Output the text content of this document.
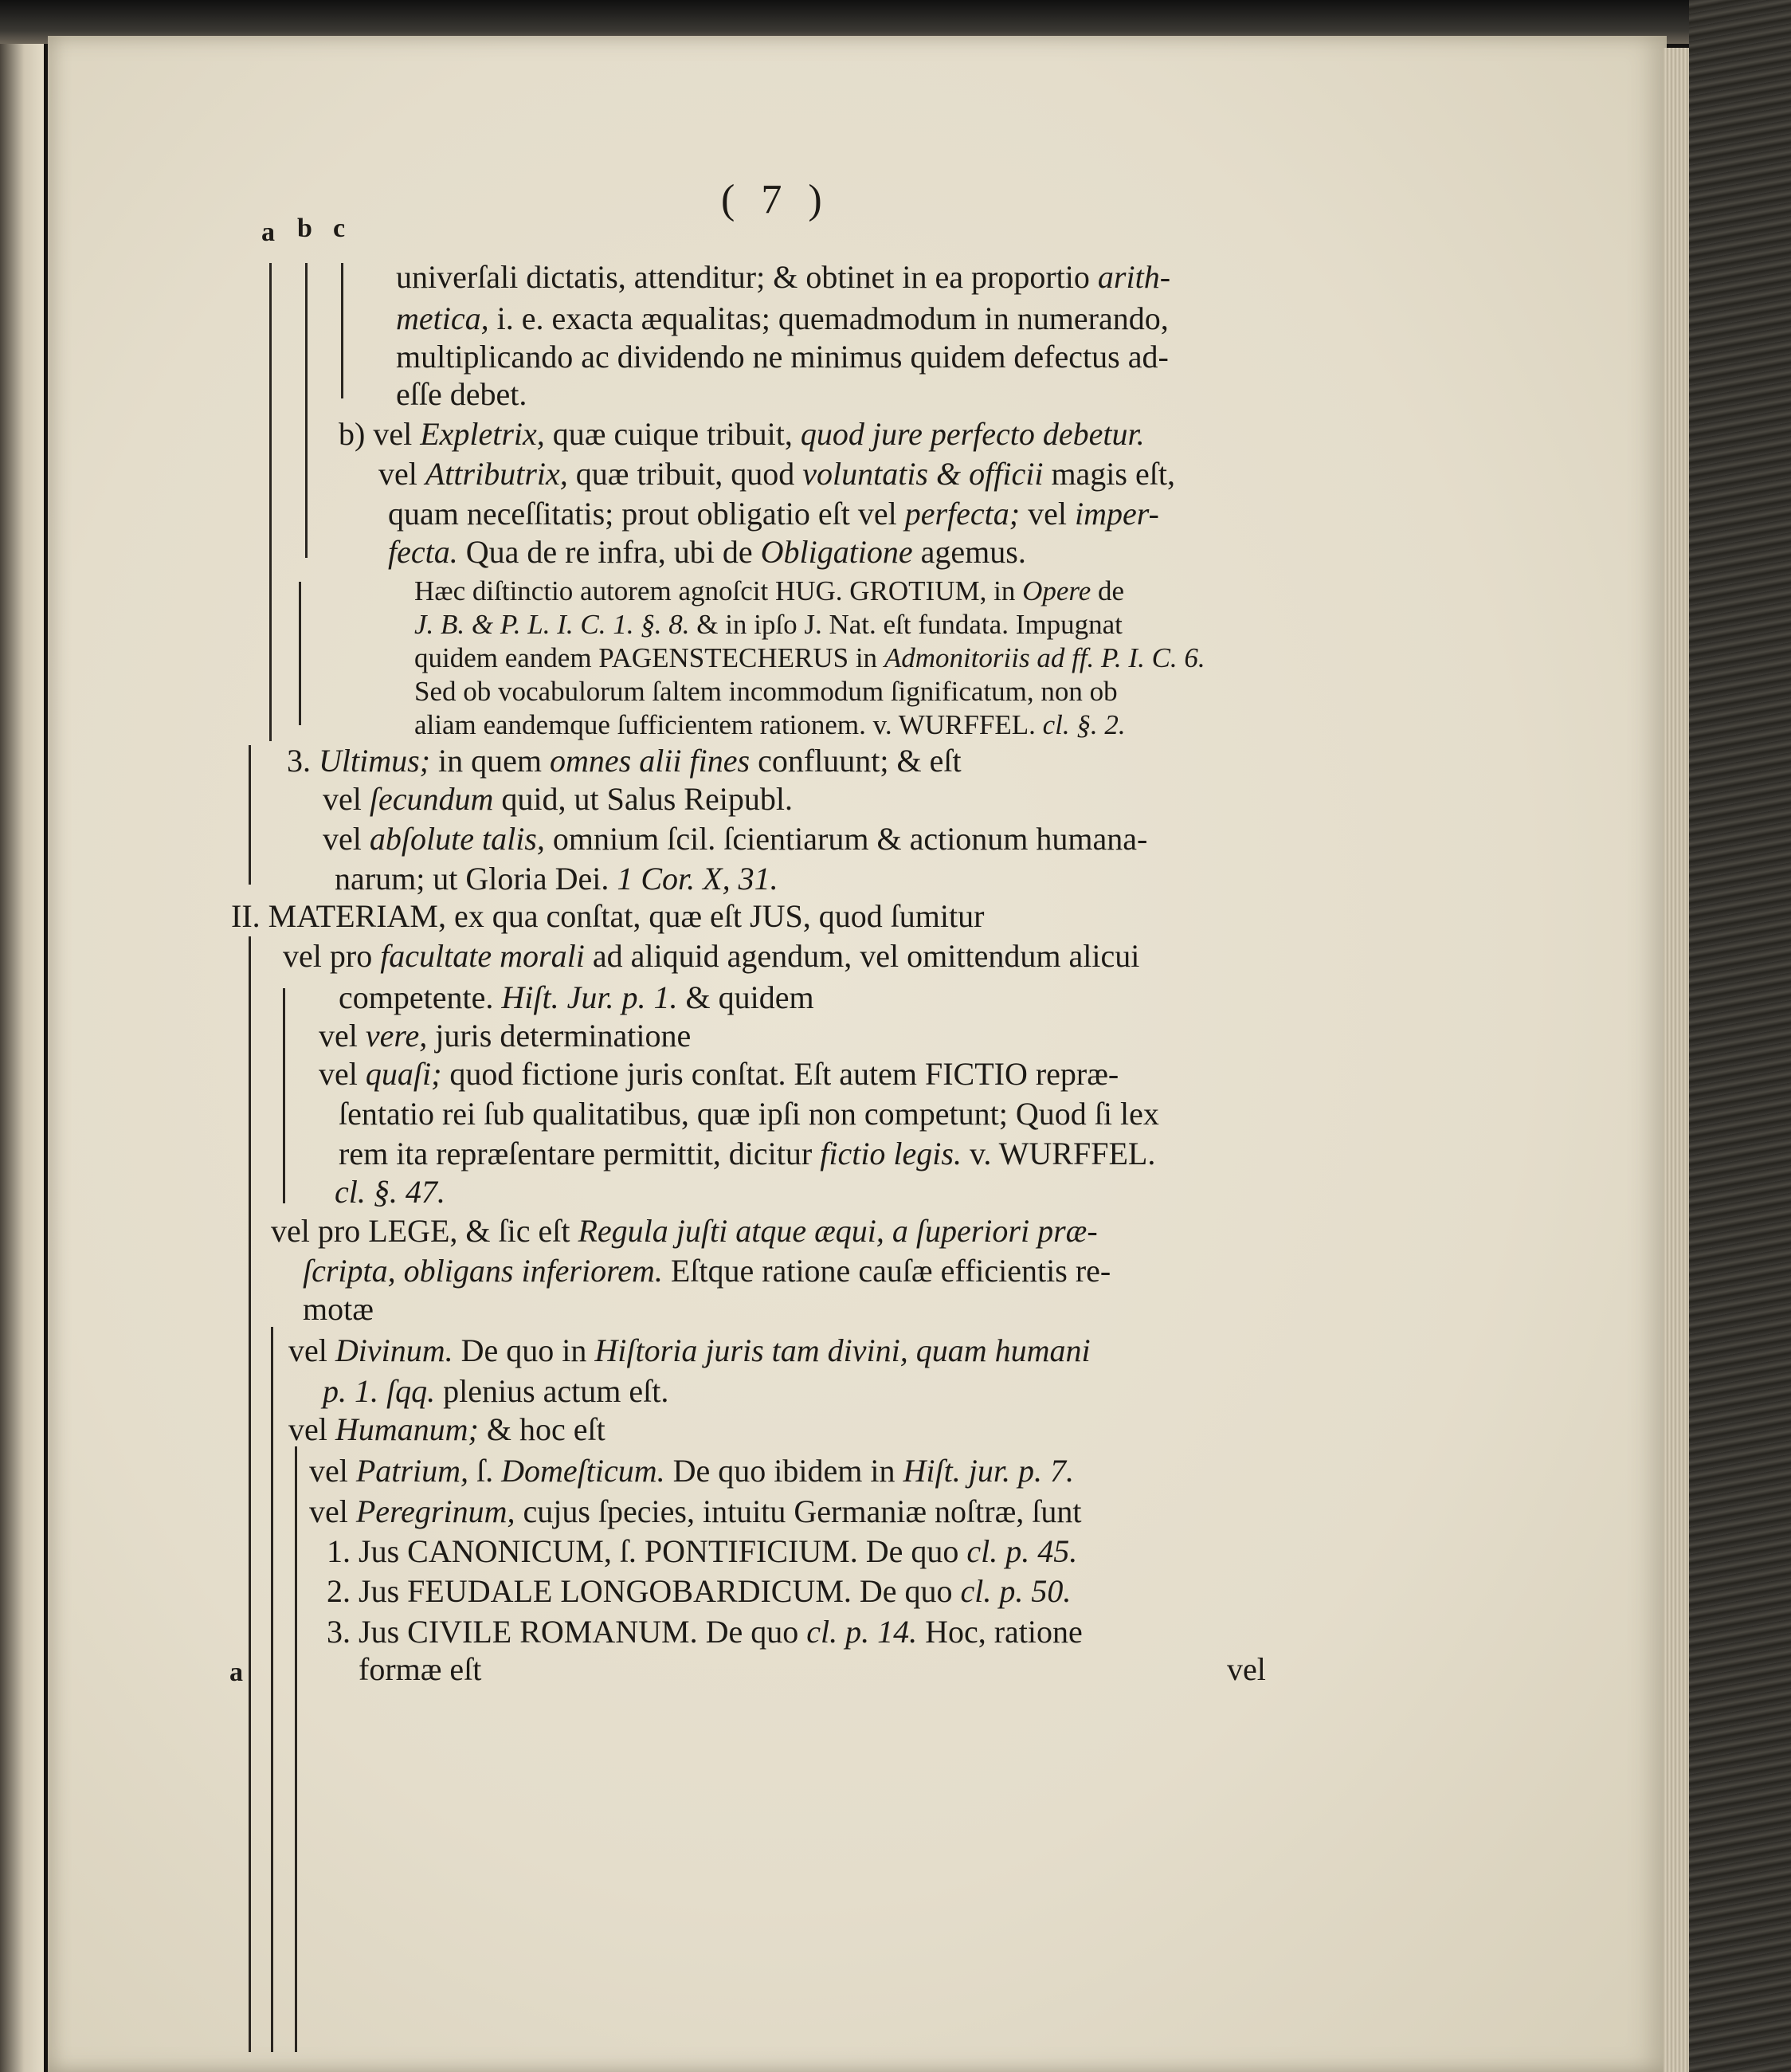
( 7 )
a b c
univerſali dictatis, attenditur; & obtinet in ea proportio arith-
metica, i. e. exacta æqualitas; quemadmodum in numerando,
multiplicando ac dividendo ne minimus quidem defectus ad-
eſſe debet.
b) vel Expletrix, quæ cuique tribuit, quod jure perfecto debetur.
vel Attributrix, quæ tribuit, quod voluntatis & officii magis eſt,
quam neceſſitatis; prout obligatio eſt vel perfecta; vel imper-
fecta. Qua de re infra, ubi de Obligatione agemus.
Hæc diſtinctio autorem agnoſcit HUG. GROTIUM, in Opere de
J. B. & P. L. I. C. 1. §. 8. & in ipſo J. Nat. eſt fundata. Impugnat
quidem eandem PAGENSTECHERUS in Admonitoriis ad ff. P. I. C. 6.
Sed ob vocabulorum ſaltem incommodum ſignificatum, non ob
aliam eandemque ſufficientem rationem. v. WURFFEL. cl. §. 2.
3. Ultimus; in quem omnes alii fines confluunt; & eſt
vel ſecundum quid, ut Salus Reipubl.
vel abſolute talis, omnium ſcil. ſcientiarum & actionum humana-
narum; ut Gloria Dei. 1 Cor. X, 31.
II. MATERIAM, ex qua conſtat, quæ eſt JUS, quod ſumitur
vel pro facultate morali ad aliquid agendum, vel omittendum alicui
competente. Hiſt. Jur. p. 1. & quidem
vel vere, juris determinatione
vel quaſi; quod fictione juris conſtat. Eſt autem FICTIO repræ-
ſentatio rei ſub qualitatibus, quæ ipſi non competunt; Quod ſi lex
rem ita repræſentare permittit, dicitur fictio legis. v. WURFFEL.
cl. §. 47.
vel pro LEGE, & ſic eſt Regula juſti atque æqui, a ſuperiori præ-
ſcripta, obligans inferiorem. Eſtque ratione cauſæ efficientis re-
motæ
vel Divinum. De quo in Hiſtoria juris tam divini, quam humani
p. 1. ſqq. plenius actum eſt.
vel Humanum; & hoc eſt
vel Patrium, ſ. Domeſticum. De quo ibidem in Hiſt. jur. p. 7.
vel Peregrinum, cujus ſpecies, intuitu Germaniæ noſtræ, ſunt
1. Jus CANONICUM, ſ. PONTIFICIUM. De quo cl. p. 45.
2. Jus FEUDALE LONGOBARDICUM. De quo cl. p. 50.
3. Jus CIVILE ROMANUM. De quo cl. p. 14. Hoc, ratione
formæ eſt
a	vel
